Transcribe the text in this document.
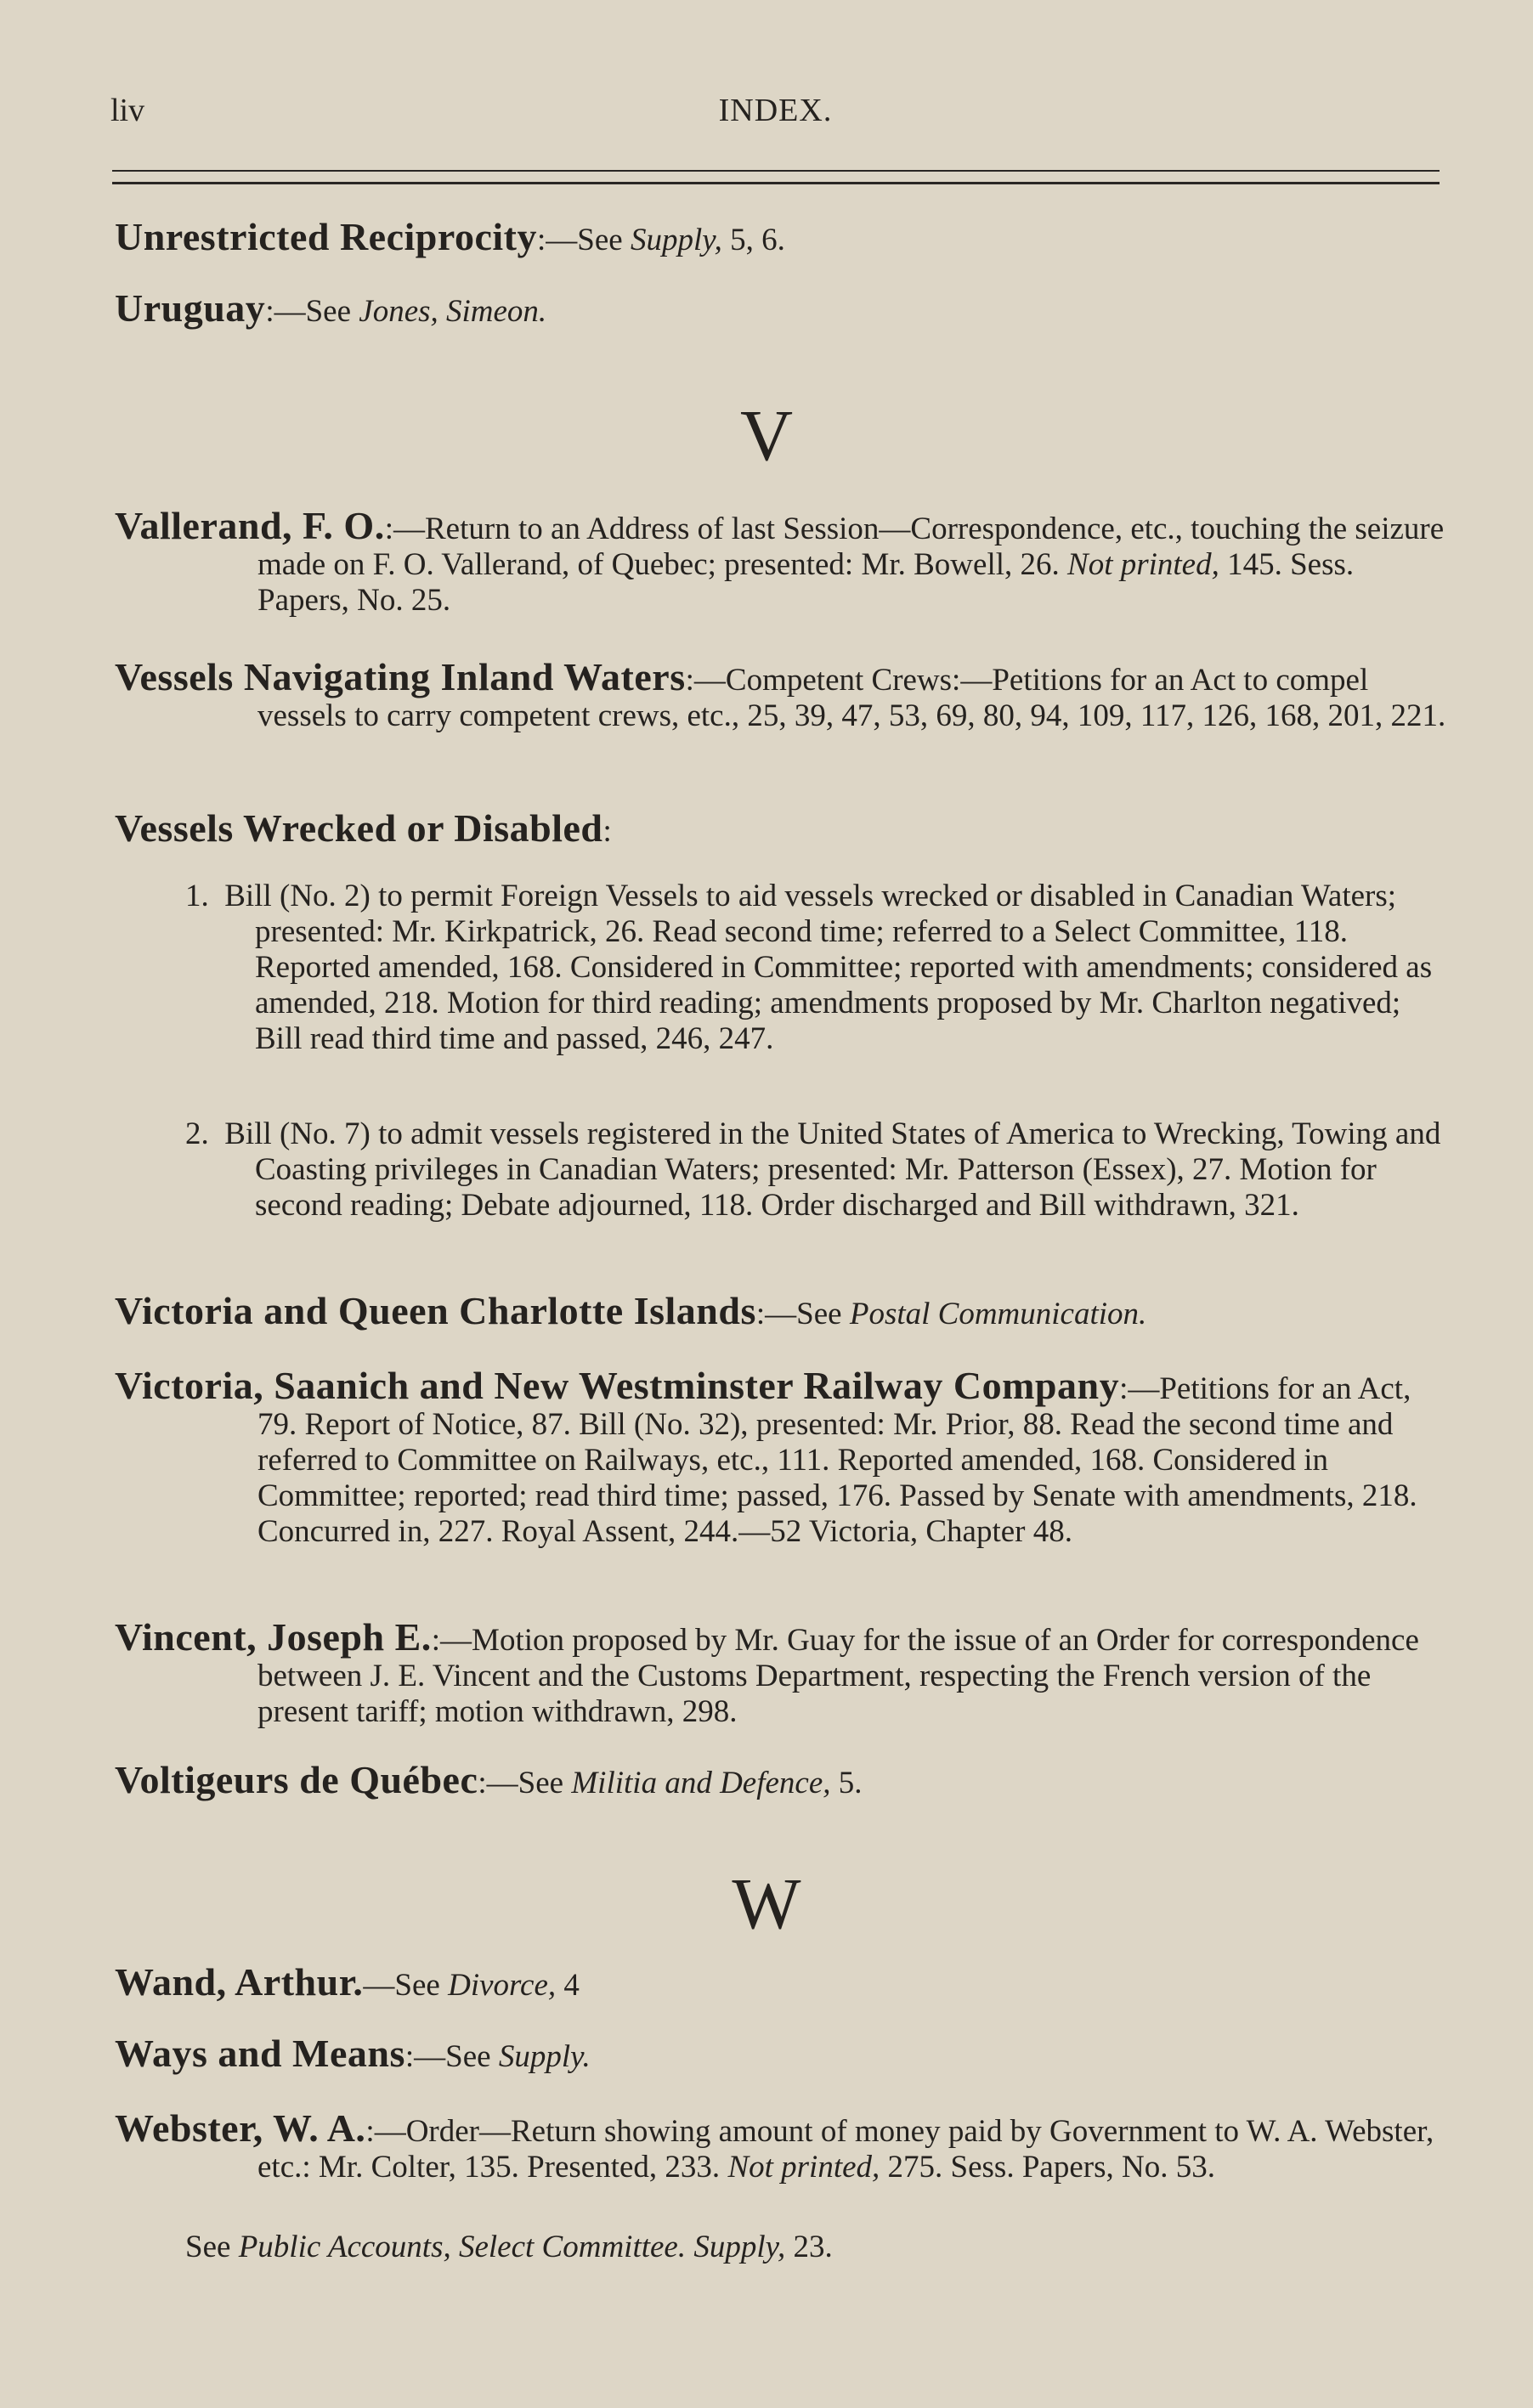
liv	INDEX.
Unrestricted Reciprocity:—See Supply, 5, 6.
Uruguay:—See Jones, Simeon.
V
Vallerand, F. O.:—Return to an Address of last Session—Correspondence, etc., touching the seizure made on F. O. Vallerand, of Quebec; presented: Mr. Bowell, 26. Not printed, 145. Sess. Papers, No. 25.
Vessels Navigating Inland Waters:—Competent Crews:—Petitions for an Act to compel vessels to carry competent crews, etc., 25, 39, 47, 53, 69, 80, 94, 109, 117, 126, 168, 201, 221.
Vessels Wrecked or Disabled:
1. Bill (No. 2) to permit Foreign Vessels to aid vessels wrecked or disabled in Canadian Waters; presented: Mr. Kirkpatrick, 26. Read second time; referred to a Select Committee, 118. Reported amended, 168. Considered in Committee; reported with amendments; considered as amended, 218. Motion for third reading; amendments proposed by Mr. Charlton negatived; Bill read third time and passed, 246, 247.
2. Bill (No. 7) to admit vessels registered in the United States of America to Wrecking, Towing and Coasting privileges in Canadian Waters; presented: Mr. Patterson (Essex), 27. Motion for second reading; Debate adjourned, 118. Order discharged and Bill withdrawn, 321.
Victoria and Queen Charlotte Islands:—See Postal Communication.
Victoria, Saanich and New Westminster Railway Company:—Petitions for an Act, 79. Report of Notice, 87. Bill (No. 32), presented: Mr. Prior, 88. Read the second time and referred to Committee on Railways, etc., 111. Reported amended, 168. Considered in Committee; reported; read third time; passed, 176. Passed by Senate with amendments, 218. Concurred in, 227. Royal Assent, 244.—52 Victoria, Chapter 48.
Vincent, Joseph E.:—Motion proposed by Mr. Guay for the issue of an Order for correspondence between J. E. Vincent and the Customs Department, respecting the French version of the present tariff; motion withdrawn, 298.
Voltigeurs de Québec:—See Militia and Defence, 5.
W
Wand, Arthur.—See Divorce, 4
Ways and Means:—See Supply.
Webster, W. A.:—Order—Return showing amount of money paid by Government to W. A. Webster, etc.: Mr. Colter, 135. Presented, 233. Not printed, 275. Sess. Papers, No. 53.
See Public Accounts, Select Committee. Supply, 23.
